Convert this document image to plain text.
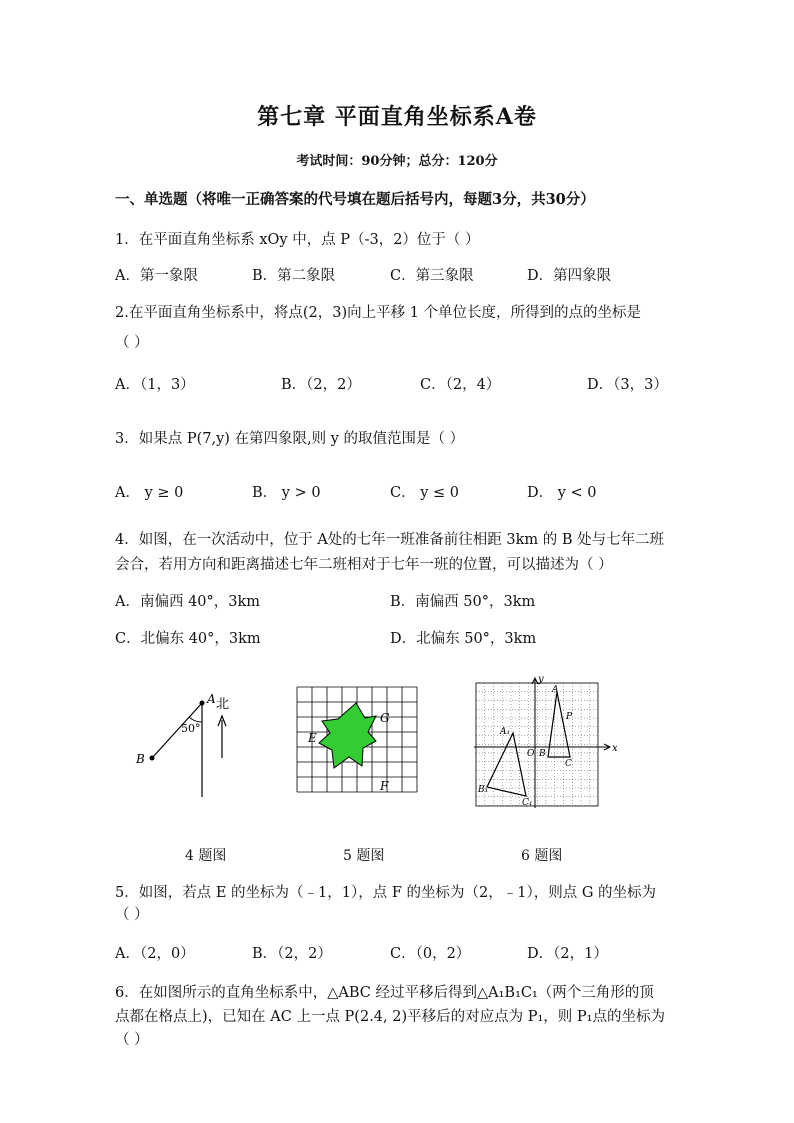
第七章 平面直角坐标系A卷
考试时间：90分钟；总分：120分
一、单选题（将唯一正确答案的代号填在题后括号内，每题3分，共30分）
1．在平面直角坐标系 xOy 中，点 P（-3，2）位于（ ）
A．第一象限	B．第二象限	C．第三象限	D．第四象限
2.在平面直角坐标系中，将点(2，3)向上平移 1 个单位长度，所得到的点的坐标是
（ ）
A．（1，3）	B．（2，2）	C．（2，4）	D．（3，3）
3．如果点 P(7,y) 在第四象限,则 y 的取值范围是（ ）
A． y ≥ 0	B． y > 0	C． y ≤ 0	D． y < 0
4．如图，在一次活动中，位于 A处的七年一班准备前往相距 3km 的 B 处与七年二班
会合，若用方向和距离描述七年二班相对于七年一班的位置，可以描述为（ ）
A．南偏西 40°，3km	B．南偏西 50°，3km
C．北偏东 40°，3km	D．北偏东 50°，3km
A
B
北
50°
G
E
F
x
y
O
A
B
C
P
A₁
B₁
C₁
4 题图	5 题图	6 题图
5．如图，若点 E 的坐标为（﹣1，1），点 F 的坐标为（2，﹣1），则点 G 的坐标为
（ ）
A．（2，0）	B．（2，2）	C．（0，2）	D．（2，1）
6．在如图所示的直角坐标系中，△ABC 经过平移后得到△A₁B₁C₁（两个三角形的顶
点都在格点上)，已知在 AC 上一点 P(2.4, 2)平移后的对应点为 P₁，则 P₁点的坐标为
（ ）
